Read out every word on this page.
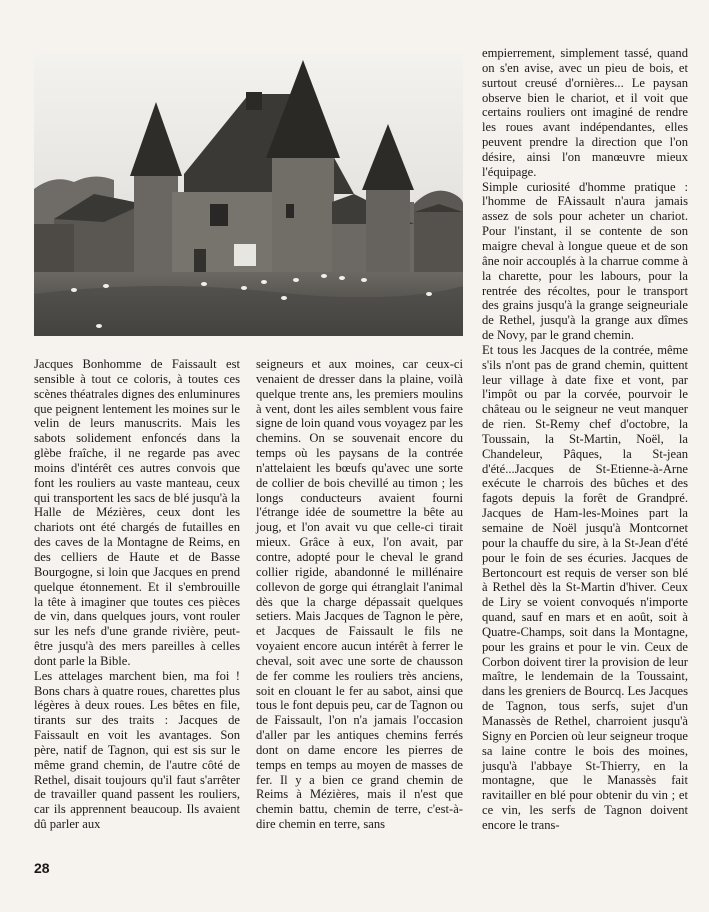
Jacques Bonhomme de Faissault est sensible à tout ce coloris, à toutes ces scènes théatrales dignes des enluminures que peignent lentement les moines sur le velin de leurs manuscrits. Mais les sabots solidement enfoncés dans la glèbe fraîche, il ne regarde pas avec moins d'intérêt ces autres convois que font les rouliers au vaste manteau, ceux qui transportent les sacs de blé jusqu'à la Halle de Mézières, ceux dont les chariots ont été chargés de futailles en des caves de la Montagne de Reims, en des celliers de Haute et de Basse Bourgogne, si loin que Jacques en prend quelque étonnement. Et il s'embrouille la tête à imaginer que toutes ces pièces de vin, dans quelques jours, vont rouler sur les nefs d'une grande rivière, peut-être jusqu'à des mers pareilles à celles dont parle la Bible.

Les attelages marchent bien, ma foi ! Bons chars à quatre roues, charettes plus légères à deux roues. Les bêtes en file, tirants sur des traits : Jacques de Faissault en voit les avantages. Son père, natif de Tagnon, qui est sis sur le même grand chemin, de l'autre côté de Rethel, disait toujours qu'il faut s'arrêter de travailler quand passent les rouliers, car ils apprennent beaucoup. Ils avaient dû parler aux

seigneurs et aux moines, car ceux-ci venaient de dresser dans la plaine, voilà quelque trente ans, les premiers moulins à vent, dont les ailes semblent vous faire signe de loin quand vous voyagez par les chemins. On se souvenait encore du temps où les paysans de la contrée n'attelaient les bœufs qu'avec une sorte de collier de bois chevillé au timon ; les longs conducteurs avaient fourni l'étrange idée de soumettre la bête au joug, et l'on avait vu que celle-ci tirait mieux. Grâce à eux, l'on avait, par contre, adopté pour le cheval le grand collier rigide, abandonné le millénaire collevon de gorge qui étranglait l'animal dès que la charge dépassait quelques setiers. Mais Jacques de Tagnon le père, et Jacques de Faissault le fils ne voyaient encore aucun intérêt à ferrer le cheval, soit avec une sorte de chausson de fer comme les rouliers très anciens, soit en clouant le fer au sabot, ainsi que tous le font depuis peu, car de Tagnon ou de Faissault, l'on n'a jamais l'occasion d'aller par les antiques chemins ferrés dont on dame encore les pierres de temps en temps au moyen de masses de fer. Il y a bien ce grand chemin de Reims à Mézières, mais il n'est que chemin battu, chemin de terre, c'est-à-dire chemin en terre, sans

empierrement, simplement tassé, quand on s'en avise, avec un pieu de bois, et surtout creusé d'ornières... Le paysan observe bien le chariot, et il voit que certains rouliers ont imaginé de rendre les roues avant indépendantes, elles peuvent prendre la direction que l'on désire, ainsi l'on manœuvre mieux l'équipage.

Simple curiosité d'homme pratique : l'homme de FAissault n'aura jamais assez de sols pour acheter un chariot. Pour l'instant, il se contente de son maigre cheval à longue queue et de son âne noir accouplés à la charrue comme à la charette, pour les labours, pour la rentrée des récoltes, pour le transport des grains jusqu'à la grange seigneuriale de Rethel, jusqu'à la grange aux dîmes de Novy, par le grand chemin.

Et tous les Jacques de la contrée, même s'ils n'ont pas de grand chemin, quittent leur village à date fixe et vont, par l'impôt ou par la corvée, pourvoir le château ou le seigneur ne veut manquer de rien. St-Remy chef d'octobre, la Toussain, la St-Martin, Noël, la Chandeleur, Pâques, la St-jean d'été...Jacques de St-Etienne-à-Arne exécute le charrois des bûches et des fagots depuis la forêt de Grandpré. Jacques de Ham-les-Moines part la semaine de Noël jusqu'à Montcornet pour la chauffe du sire, à la St-Jean d'été pour le foin de ses écuries. Jacques de Bertoncourt est requis de verser son blé à Rethel dès la St-Martin d'hiver. Ceux de Liry se voient convoqués n'importe quand, sauf en mars et en août, soit à Quatre-Champs, soit dans la Montagne, pour les grains et pour le vin. Ceux de Corbon doivent tirer la provision de leur maître, le lendemain de la Toussaint, dans les greniers de Bourcq. Les Jacques de Tagnon, tous serfs, sujet d'un Manassès de Rethel, charroient jusqu'à Signy en Porcien où leur seigneur troque sa laine contre le bois des moines, jusqu'à l'abbaye St-Thierry, en la montagne, que le Manassès fait ravitailler en blé pour obtenir du vin ; et ce vin, les serfs de Tagnon doivent encore le trans-

28
